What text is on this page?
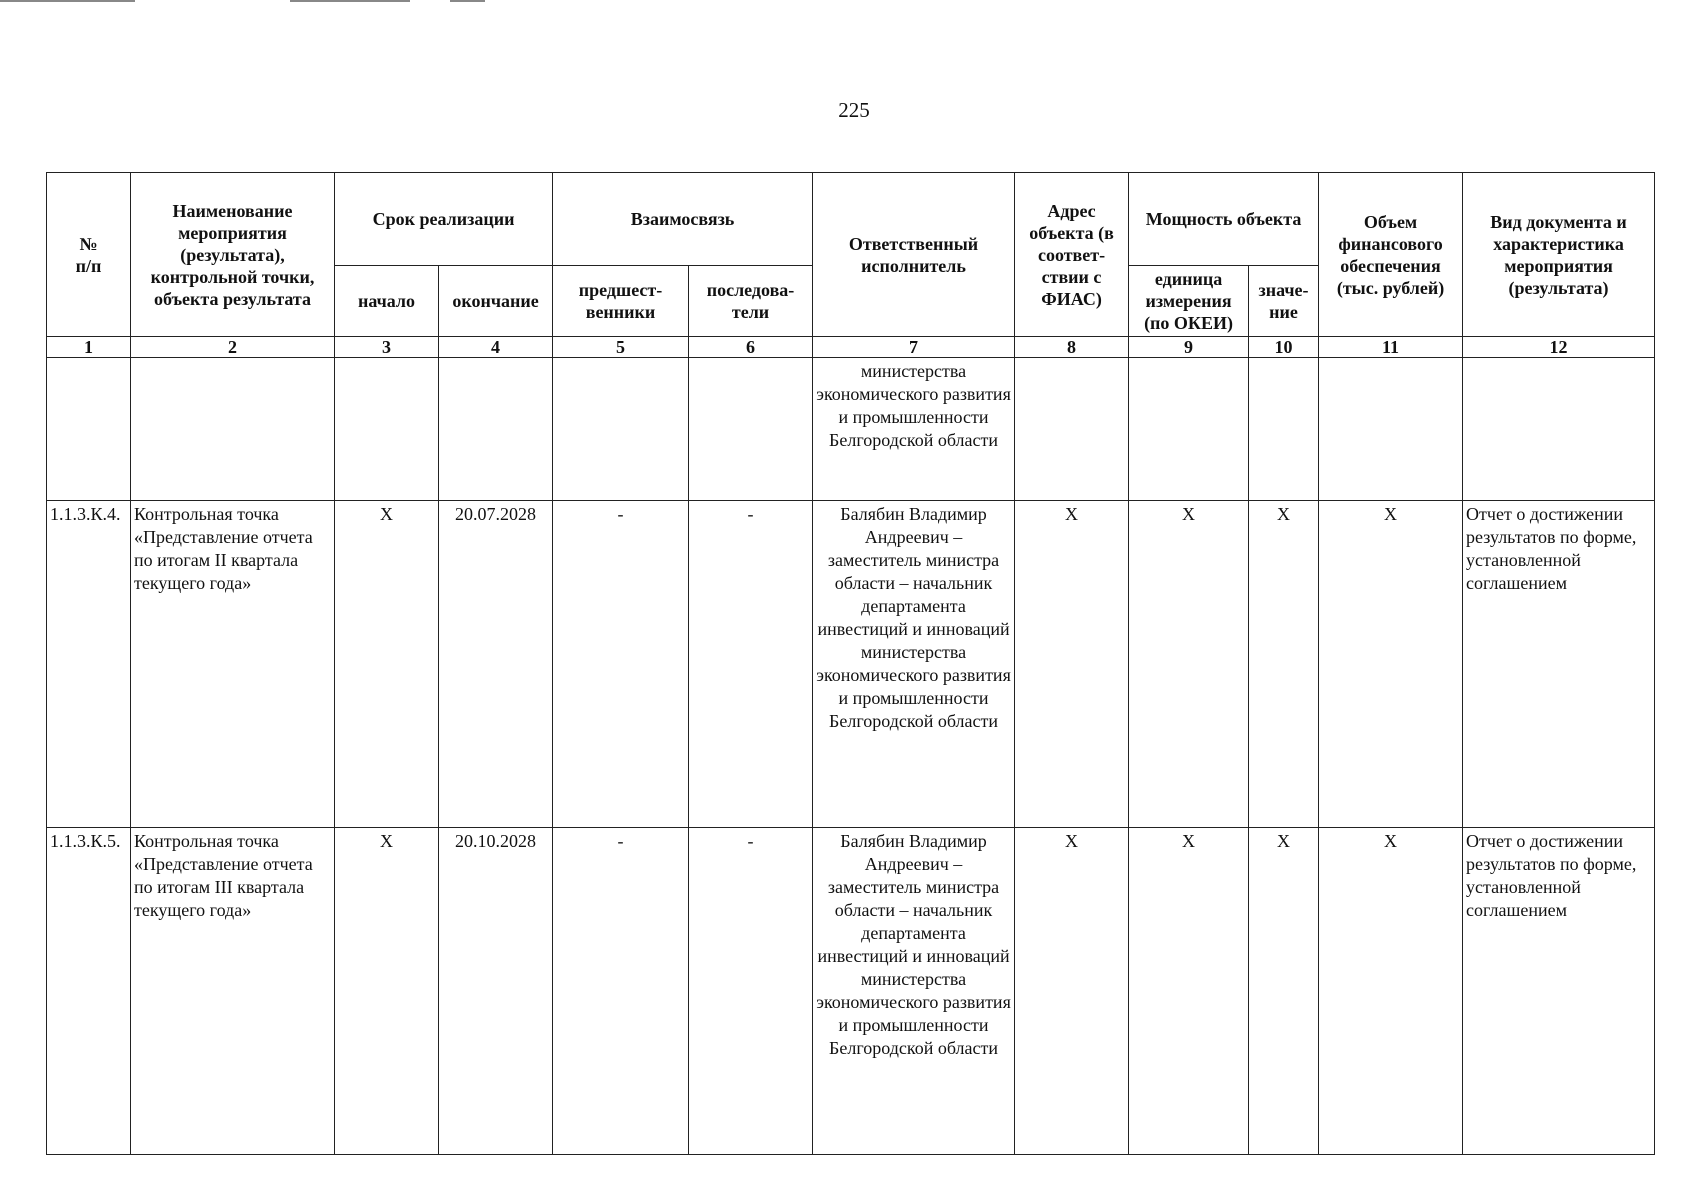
225
№
п/п	Наименование мероприятия (результата), контрольной точки, объекта результата	Срок реализации		Взаимосвязь		Ответственный исполнитель	Адрес объекта (в соответ-ствии с ФИАС)	Мощность объекта		Объем финансового обеспечения (тыс. рублей)	Вид документа и характеристика мероприятия (результата)
		начало	окончание	предшест-венники	последова-тели			единица измерения (по ОКЕИ)	значе-ние		
1	2	3	4	5	6	7	8	9	10	11	12
						министерства экономического развития и промышленности Белгородской области					
1.1.3.К.4.	Контрольная точка «Представление отчета по итогам II квартала текущего года»	X	20.07.2028	-	-	Балябин Владимир Андреевич – заместитель министра области – начальник департамента инвестиций и инноваций министерства экономического развития и промышленности Белгородской области	X	X	X	X	Отчет о достижении результатов по форме, установленной соглашением
1.1.3.К.5.	Контрольная точка «Представление отчета по итогам III квартала текущего года»	X	20.10.2028	-	-	Балябин Владимир Андреевич – заместитель министра области – начальник департамента инвестиций и инноваций министерства экономического развития и промышленности Белгородской области	X	X	X	X	Отчет о достижении результатов по форме, установленной соглашением
